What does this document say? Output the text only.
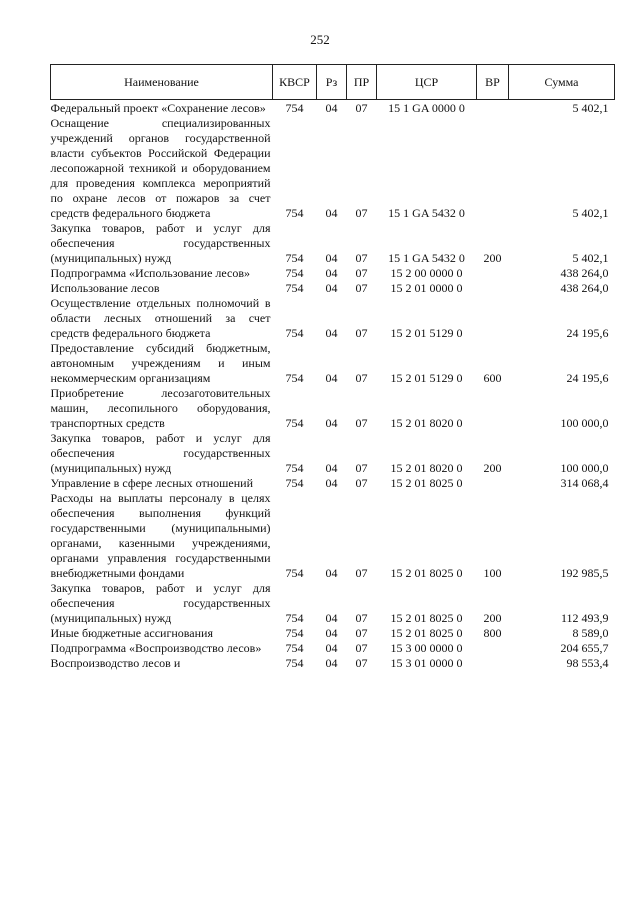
252
Наименование	КВСР	Рз	ПР	ЦСР	ВР	Сумма
Федеральный проект «Сохранение лесов»	754	04	07	15 1 GA 0000 0		5 402,1
Оснащение специализированных учреждений органов государственной власти субъектов Российской Федерации лесопожарной техникой и оборудованием для проведения комплекса мероприятий по охране лесов от пожаров за счет средств федерального бюджета	754	04	07	15 1 GA 5432 0		5 402,1
Закупка товаров, работ и услуг для обеспечения государственных (муниципальных) нужд	754	04	07	15 1 GA 5432 0	200	5 402,1
Подпрограмма «Использование лесов»	754	04	07	15 2 00 0000 0		438 264,0
Использование лесов	754	04	07	15 2 01 0000 0		438 264,0
Осуществление отдельных полномочий в области лесных отношений за счет средств федерального бюджета	754	04	07	15 2 01 5129 0		24 195,6
Предоставление субсидий бюджетным, автономным учреждениям и иным некоммерческим организациям	754	04	07	15 2 01 5129 0	600	24 195,6
Приобретение лесозаготовительных машин, лесопильного оборудования, транспортных средств	754	04	07	15 2 01 8020 0		100 000,0
Закупка товаров, работ и услуг для обеспечения государственных (муниципальных) нужд	754	04	07	15 2 01 8020 0	200	100 000,0
Управление в сфере лесных отношений	754	04	07	15 2 01 8025 0		314 068,4
Расходы на выплаты персоналу в целях обеспечения выполнения функций государственными (муниципальными) органами, казенными учреждениями, органами управления государственными внебюджетными фондами	754	04	07	15 2 01 8025 0	100	192 985,5
Закупка товаров, работ и услуг для обеспечения государственных (муниципальных) нужд	754	04	07	15 2 01 8025 0	200	112 493,9
Иные бюджетные ассигнования	754	04	07	15 2 01 8025 0	800	8 589,0
Подпрограмма «Воспроизводство лесов»	754	04	07	15 3 00 0000 0		204 655,7
Воспроизводство лесов и	754	04	07	15 3 01 0000 0		98 553,4
